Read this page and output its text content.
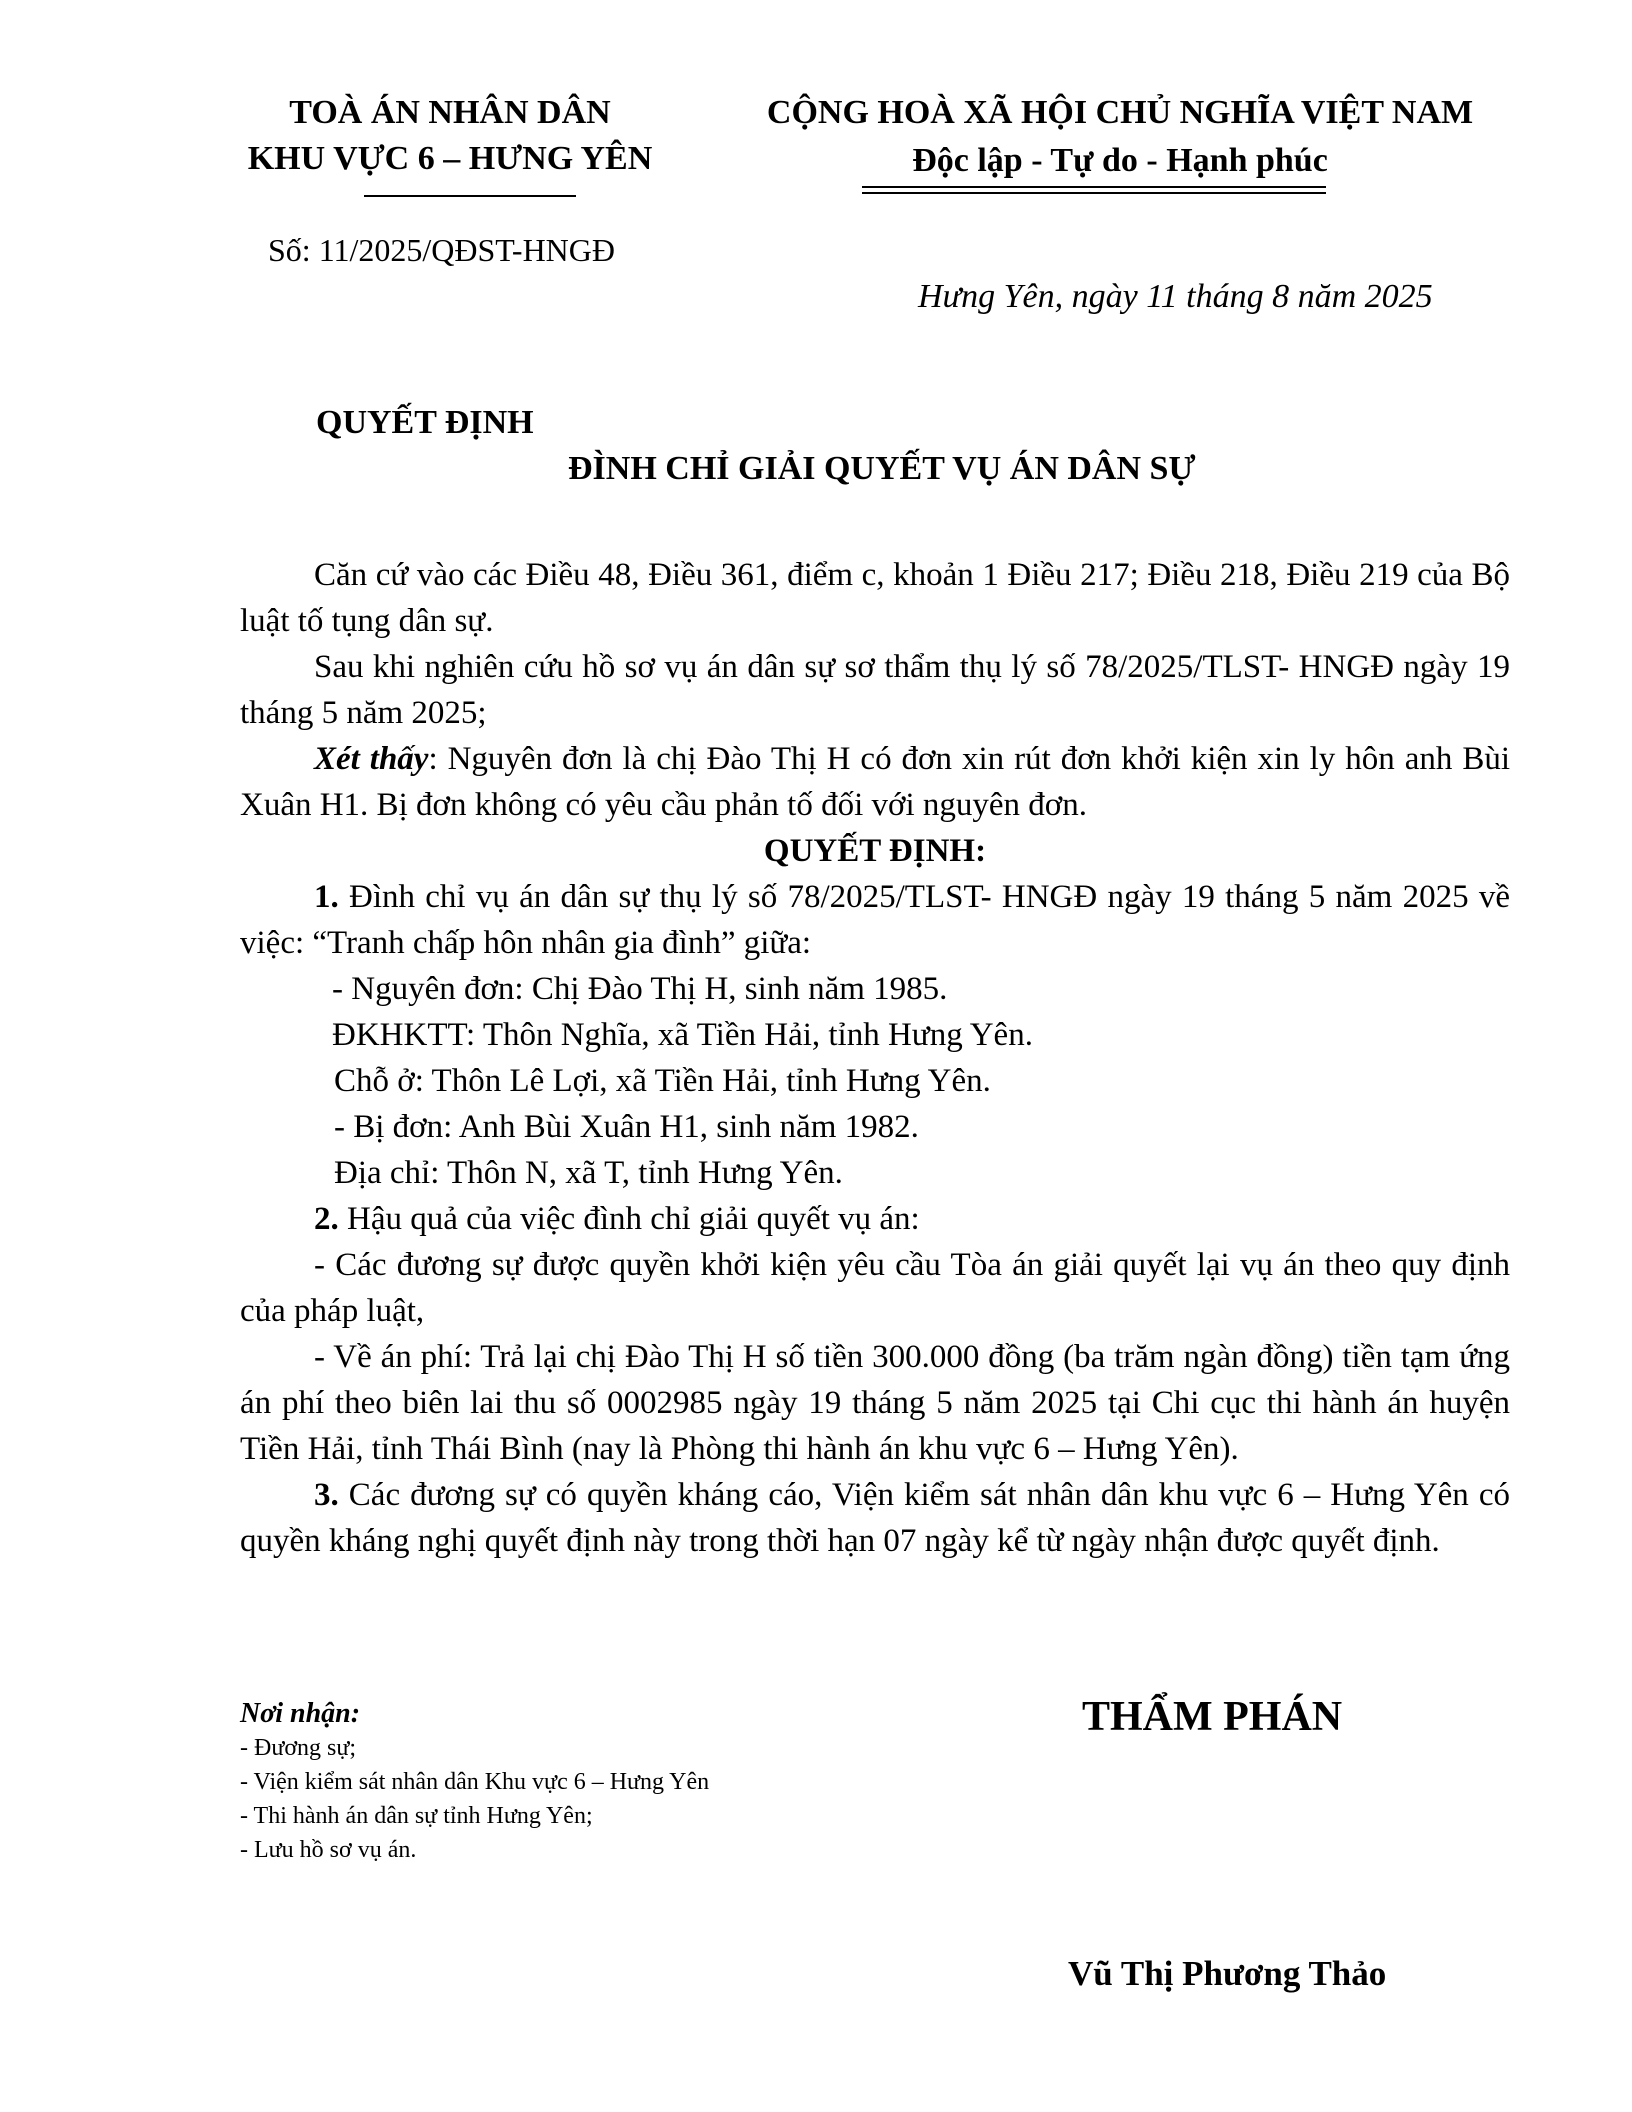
TOÀ ÁN NHÂN DÂN
KHU VỰC 6 – HƯNG YÊN
CỘNG HOÀ XÃ HỘI CHỦ NGHĨA VIỆT NAM
Độc lập - Tự do - Hạnh phúc
Số: 11/2025/QĐST-HNGĐ
Hưng Yên, ngày 11 tháng 8 năm 2025
QUYẾT ĐỊNH
ĐÌNH CHỈ GIẢI QUYẾT VỤ ÁN DÂN SỰ

Căn cứ vào các Điều 48, Điều 361, điểm c, khoản 1 Điều 217; Điều 218, Điều 219 của Bộ luật tố tụng dân sự.

Sau khi nghiên cứu hồ sơ vụ án dân sự sơ thẩm thụ lý số 78/2025/TLST- HNGĐ ngày 19 tháng 5 năm 2025;

Xét thấy: Nguyên đơn là chị Đào Thị H có đơn xin rút đơn khởi kiện xin ly hôn anh Bùi Xuân H1. Bị đơn không có yêu cầu phản tố đối với nguyên đơn.

QUYẾT ĐỊNH:

1. Đình chỉ vụ án dân sự thụ lý số 78/2025/TLST- HNGĐ ngày 19 tháng 5 năm 2025 về việc: “Tranh chấp hôn nhân gia đình” giữa:

- Nguyên đơn: Chị Đào Thị H, sinh năm 1985.

ĐKHKTT: Thôn Nghĩa, xã Tiền Hải, tỉnh Hưng Yên.

Chỗ ở: Thôn Lê Lợi, xã Tiền Hải, tỉnh Hưng Yên.

- Bị đơn: Anh Bùi Xuân H1, sinh năm 1982.

Địa chỉ: Thôn N, xã T, tỉnh Hưng Yên.

2. Hậu quả của việc đình chỉ giải quyết vụ án:

- Các đương sự được quyền khởi kiện yêu cầu Tòa án giải quyết lại vụ án theo quy định của pháp luật,

- Về án phí: Trả lại chị Đào Thị H số tiền 300.000 đồng (ba trăm ngàn đồng) tiền tạm ứng án phí theo biên lai thu số 0002985 ngày 19 tháng 5 năm 2025 tại Chi cục thi hành án huyện Tiền Hải, tỉnh Thái Bình (nay là Phòng thi hành án khu vực 6 – Hưng Yên).

3. Các đương sự có quyền kháng cáo, Viện kiểm sát nhân dân khu vực 6 – Hưng Yên có quyền kháng nghị quyết định này trong thời hạn 07 ngày kể từ ngày nhận được quyết định.

Nơi nhận:
- Đương sự;
- Viện kiểm sát nhân dân Khu vực 6 – Hưng Yên
- Thi hành án dân sự tỉnh Hưng Yên;
- Lưu hồ sơ vụ án.
THẨM PHÁN
Vũ Thị Phương Thảo
